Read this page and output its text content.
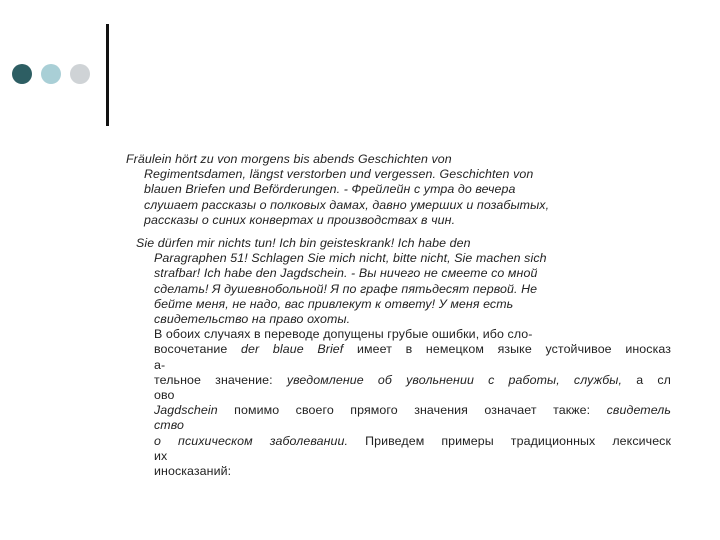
Fräulein hört zu von morgens bis abends Geschichten von
Regimentsdamen, längst verstorben und vergessen. Geschichten von
blauen Briefen und Beförderungen. - Фрейлейн с утра до вечера
слушает рассказы о полковых дамах, давно умерших и позабытых,
рассказы о синих конвертах и производствах в чин.
Sie dürfen mir nichts tun! Ich bin geisteskrank! Ich habe den
Paragraphen 51! Schlagen Sie mich nicht, bitte nicht, Sie machen sich
strafbar! Ich habe den Jagdschein. - Вы ничего не смеете со мной
сделать! Я душевнобольной! Я по графе пятьдесят первой. Не
бейте меня, не надо, вас привлекут к ответу! У меня есть
свидетельство на право охоты.
В обоих случаях в переводе допущены грубые ошибки, ибо сло-
восочетание der blaue Brief имеет в немецком языке устойчивое иносказ
а-
тельное значение: уведомление об увольнении с работы, службы, а сл
ово
Jagdschein помимо своего прямого значения означает также: свидетель
ство
о психическом заболевании. Приведем примеры традиционных лексическ
их
иносказаний:
